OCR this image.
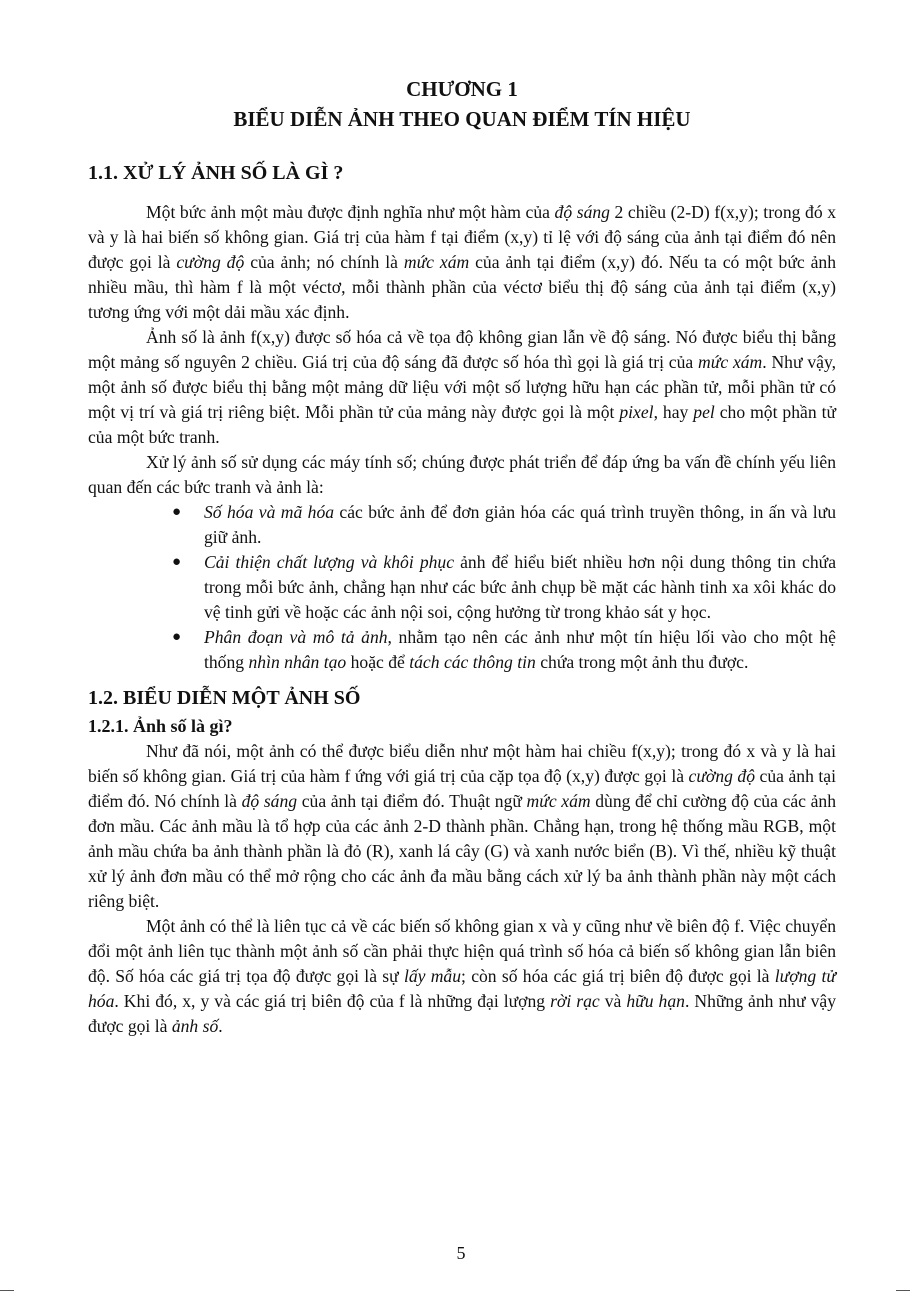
CHƯƠNG 1
BIỂU DIỄN ẢNH THEO QUAN ĐIỂM TÍN HIỆU
1.1. XỬ LÝ ẢNH SỐ LÀ GÌ ?

Một bức ảnh một màu được định nghĩa như một hàm của độ sáng 2 chiều (2-D) f(x,y); trong đó x và y là hai biến số không gian. Giá trị của hàm f tại điểm (x,y) tỉ lệ với độ sáng của ảnh tại điểm đó nên được gọi là cường độ của ảnh; nó chính là mức xám của ảnh tại điểm (x,y) đó. Nếu ta có một bức ảnh nhiều mầu, thì hàm f là một véctơ, mỗi thành phần của véctơ biểu thị độ sáng của ảnh tại điểm (x,y) tương ứng với một dải mầu xác định.

Ảnh số là ảnh f(x,y) được số hóa cả về tọa độ không gian lẫn về độ sáng. Nó được biểu thị bằng một mảng số nguyên 2 chiều. Giá trị của độ sáng đã được số hóa thì gọi là giá trị của mức xám. Như vậy, một ảnh số được biểu thị bằng một mảng dữ liệu với một số lượng hữu hạn các phần tử, mỗi phần tử có một vị trí và giá trị riêng biệt. Mỗi phần tử của mảng này được gọi là một pixel, hay pel cho một phần tử của một bức tranh.

Xử lý ảnh số sử dụng các máy tính số; chúng được phát triển để đáp ứng ba vấn đề chính yếu liên quan đến các bức tranh và ảnh là:

● Số hóa và mã hóa các bức ảnh để đơn giản hóa các quá trình truyền thông, in ấn và lưu giữ ảnh.
● Cải thiện chất lượng và khôi phục ảnh để hiểu biết nhiều hơn nội dung thông tin chứa trong mỗi bức ảnh, chẳng hạn như các bức ảnh chụp bề mặt các hành tinh xa xôi khác do vệ tinh gửi về hoặc các ảnh nội soi, cộng hưởng từ trong khảo sát y học.
● Phân đoạn và mô tả ảnh, nhằm tạo nên các ảnh như một tín hiệu lối vào cho một hệ thống nhìn nhân tạo hoặc để tách các thông tin chứa trong một ảnh thu được.
1.2. BIỂU DIỄN MỘT ẢNH SỐ
1.2.1. Ảnh số là gì?

Như đã nói, một ảnh có thể được biểu diễn như một hàm hai chiều f(x,y); trong đó x và y là hai biến số không gian. Giá trị của hàm f ứng với giá trị của cặp tọa độ (x,y) được gọi là cường độ của ảnh tại điểm đó. Nó chính là độ sáng của ảnh tại điểm đó. Thuật ngữ mức xám dùng để chỉ cường độ của các ảnh đơn mầu. Các ảnh mầu là tổ hợp của các ảnh 2-D thành phần. Chẳng hạn, trong hệ thống mầu RGB, một ảnh mầu chứa ba ảnh thành phần là đỏ (R), xanh lá cây (G) và xanh nước biển (B). Vì thế, nhiều kỹ thuật xử lý ảnh đơn mầu có thể mở rộng cho các ảnh đa mầu bằng cách xử lý ba ảnh thành phần này một cách riêng biệt.

Một ảnh có thể là liên tục cả về các biến số không gian x và y cũng như về biên độ f. Việc chuyển đổi một ảnh liên tục thành một ảnh số cần phải thực hiện quá trình số hóa cả biến số không gian lẫn biên độ. Số hóa các giá trị tọa độ được gọi là sự lấy mẫu; còn số hóa các giá trị biên độ được gọi là lượng tử hóa. Khi đó, x, y và các giá trị biên độ của f là những đại lượng rời rạc và hữu hạn. Những ảnh như vậy được gọi là ảnh số.

5
